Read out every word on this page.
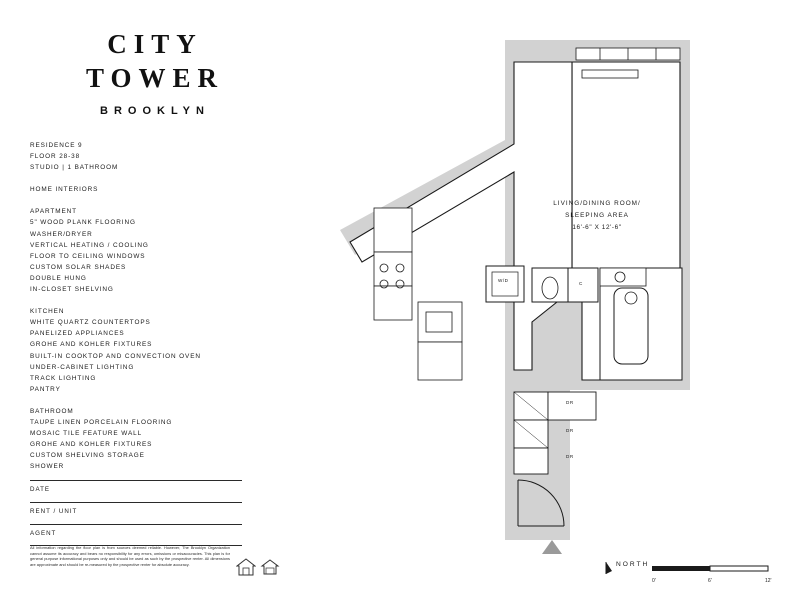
CITY
TOWER
BROOKLYN
RESIDENCE 9
FLOOR 28-38
STUDIO | 1 BATHROOM
HOME INTERIORS
APARTMENT
5" WOOD PLANK FLOORING
WASHER/DRYER
VERTICAL HEATING / COOLING
FLOOR TO CEILING WINDOWS
CUSTOM SOLAR SHADES
DOUBLE HUNG
IN-CLOSET SHELVING
KITCHEN
WHITE QUARTZ COUNTERTOPS
PANELIZED APPLIANCES
GROHE AND KOHLER FIXTURES
BUILT-IN COOKTOP AND CONVECTION OVEN
UNDER-CABINET LIGHTING
TRACK LIGHTING
PANTRY
BATHROOM
TAUPE LINEN PORCELAIN FLOORING
MOSAIC TILE FEATURE WALL
GROHE AND KOHLER FIXTURES
CUSTOM SHELVING STORAGE
SHOWER
DATE
RENT / UNIT
AGENT
All information regarding the floor plan is from sources deemed reliable. However, The Brooklyn Organization cannot assume its accuracy and bears no responsibility for any errors, omissions or misaccuracies. This plan is for general purpose informational purposes only and should be used as such by the prospective renter. All dimensions are approximate and should be re-measured by the prospective renter for absolute accuracy.
LIVING/DINING ROOM/
SLEEPING AREA
16'-6" X 12'-6"
W/D
C
DR
DR
DR
NORTH
0'	6'	12'
